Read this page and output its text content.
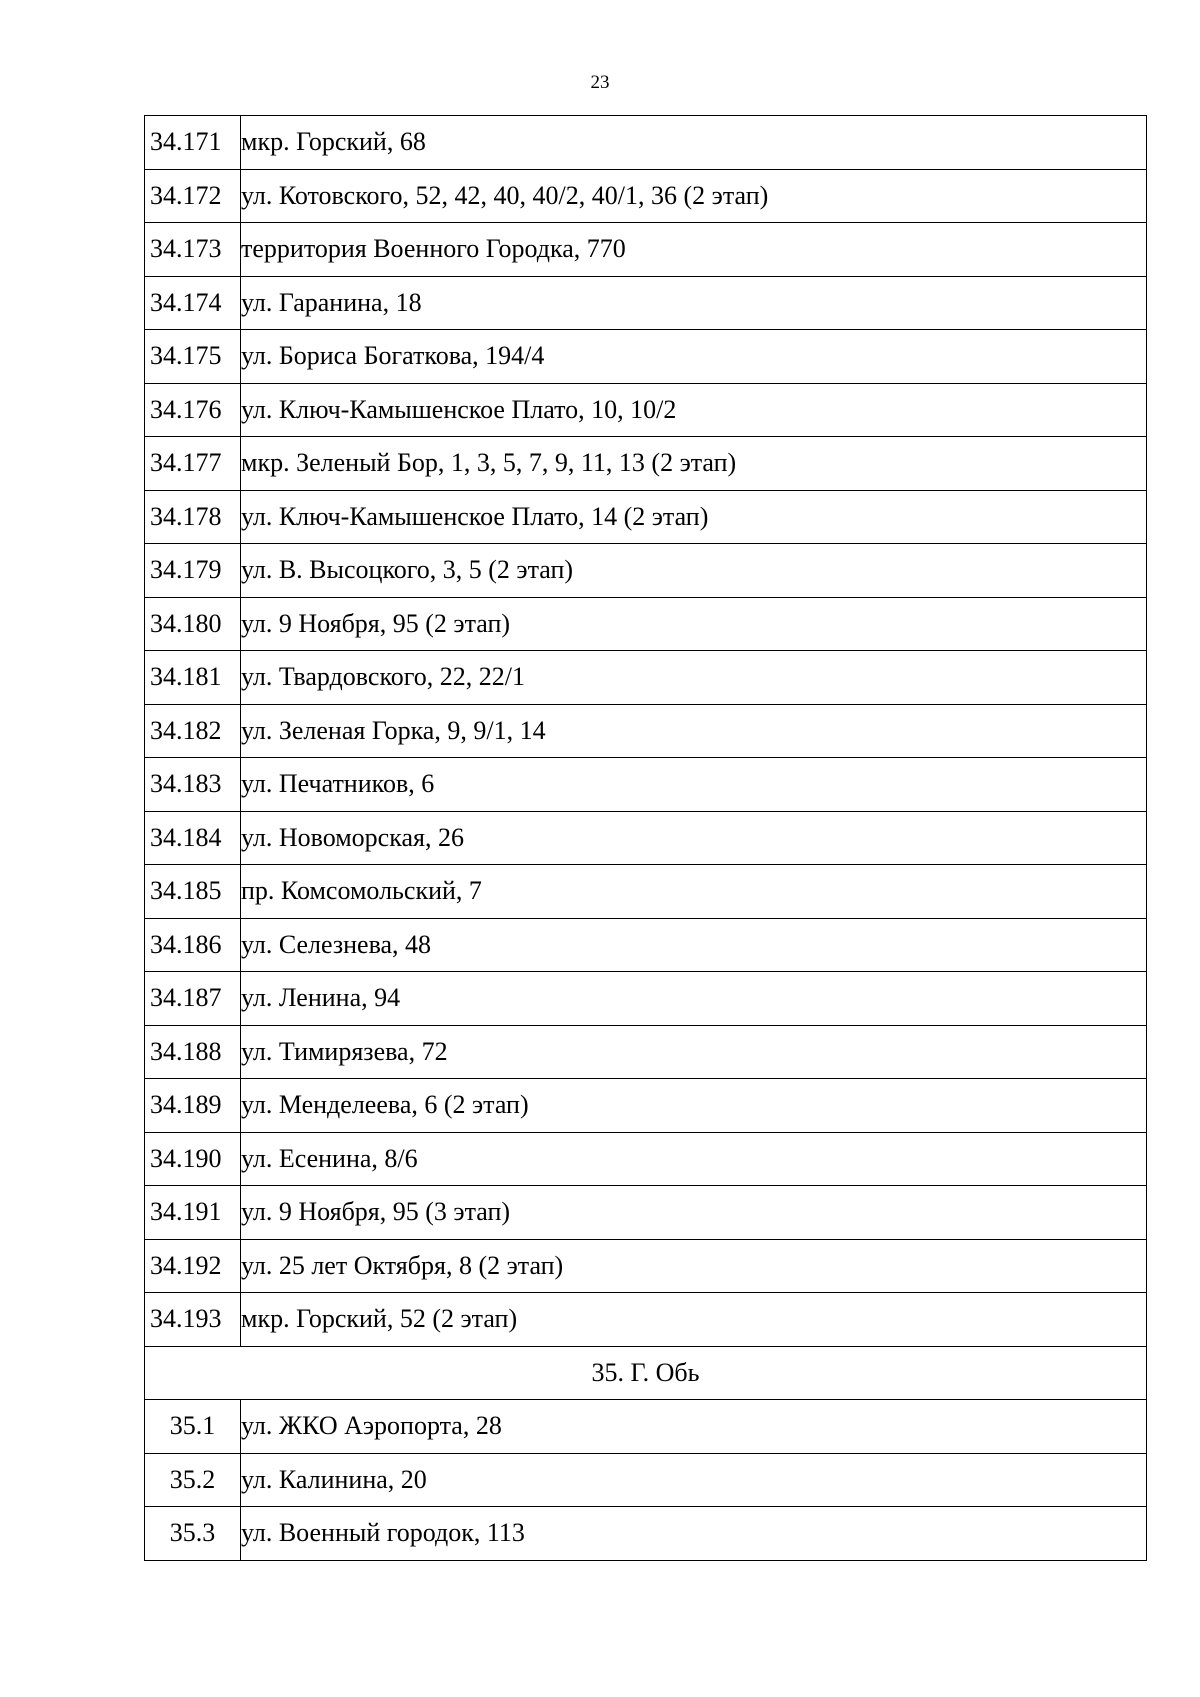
23
34.171	мкр. Горский, 68
34.172	ул. Котовского, 52, 42, 40, 40/2, 40/1, 36 (2 этап)
34.173	территория Военного Городка, 770
34.174	ул. Гаранина, 18
34.175	ул. Бориса Богаткова, 194/4
34.176	ул. Ключ-Камышенское Плато, 10, 10/2
34.177	мкр. Зеленый Бор, 1, 3, 5, 7, 9, 11, 13 (2 этап)
34.178	ул. Ключ-Камышенское Плато, 14 (2 этап)
34.179	ул. В. Высоцкого, 3, 5 (2 этап)
34.180	ул. 9 Ноября, 95 (2 этап)
34.181	ул. Твардовского, 22, 22/1
34.182	ул. Зеленая Горка, 9, 9/1, 14
34.183	ул. Печатников, 6
34.184	ул. Новоморская, 26
34.185	пр. Комсомольский, 7
34.186	ул. Селезнева, 48
34.187	ул. Ленина, 94
34.188	ул. Тимирязева, 72
34.189	ул. Менделеева, 6 (2 этап)
34.190	ул. Есенина, 8/6
34.191	ул. 9 Ноября, 95 (3 этап)
34.192	ул. 25 лет Октября, 8 (2 этап)
34.193	мкр. Горский, 52 (2 этап)
35. Г. Обь	
35.1	ул. ЖКО Аэропорта, 28
35.2	ул. Калинина, 20
35.3	ул. Военный городок, 113
